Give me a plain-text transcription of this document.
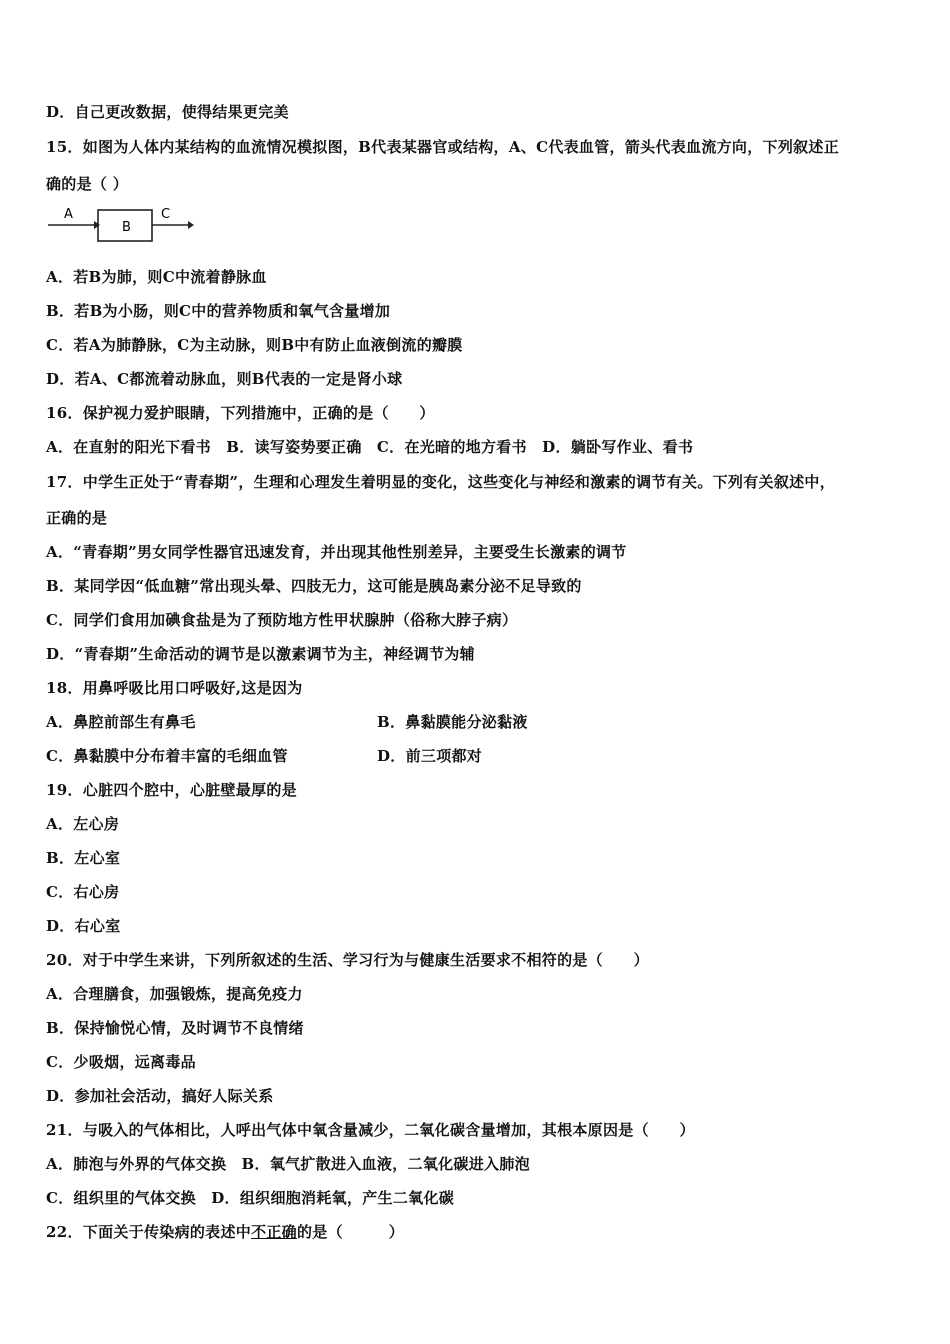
D．自己更改数据，使得结果更完美
15．如图为人体内某结构的血流情况模拟图，B代表某器官或结构，A、C代表血管，箭头代表血流方向，下列叙述正
确的是（ ）
A
B
C
A．若B为肺，则C中流着静脉血
B．若B为小肠，则C中的营养物质和氧气含量增加
C．若A为肺静脉，C为主动脉，则B中有防止血液倒流的瓣膜
D．若A、C都流着动脉血，则B代表的一定是肾小球
16．保护视力爱护眼睛，下列措施中，正确的是（　　）
A．在直射的阳光下看书　B．读写姿势要正确　C．在光暗的地方看书　D．躺卧写作业、看书
17．中学生正处于“青春期”，生理和心理发生着明显的变化，这些变化与神经和激素的调节有关。下列有关叙述中，
正确的是
A．“青春期”男女同学性器官迅速发育，并出现其他性别差异，主要受生长激素的调节
B．某同学因“低血糖”常出现头晕、四肢无力，这可能是胰岛素分泌不足导致的
C．同学们食用加碘食盐是为了预防地方性甲状腺肿（俗称大脖子病）
D．“青春期”生命活动的调节是以激素调节为主，神经调节为辅
18．用鼻呼吸比用口呼吸好,这是因为
A．鼻腔前部生有鼻毛	B．鼻黏膜能分泌黏液
C．鼻黏膜中分布着丰富的毛细血管	D．前三项都对
19．心脏四个腔中，心脏壁最厚的是
A．左心房
B．左心室
C．右心房
D．右心室
20．对于中学生来讲，下列所叙述的生活、学习行为与健康生活要求不相符的是（　　）
A．合理膳食，加强锻炼，提高免疫力
B．保持愉悦心情，及时调节不良情绪
C．少吸烟，远离毒品
D．参加社会活动，搞好人际关系
21．与吸入的气体相比，人呼出气体中氧含量减少，二氧化碳含量增加，其根本原因是（　　）
A．肺泡与外界的气体交换　B．氧气扩散进入血液，二氧化碳进入肺泡
C．组织里的气体交换　D．组织细胞消耗氧，产生二氧化碳
22．下面关于传染病的表述中不正确的是（　　　）
